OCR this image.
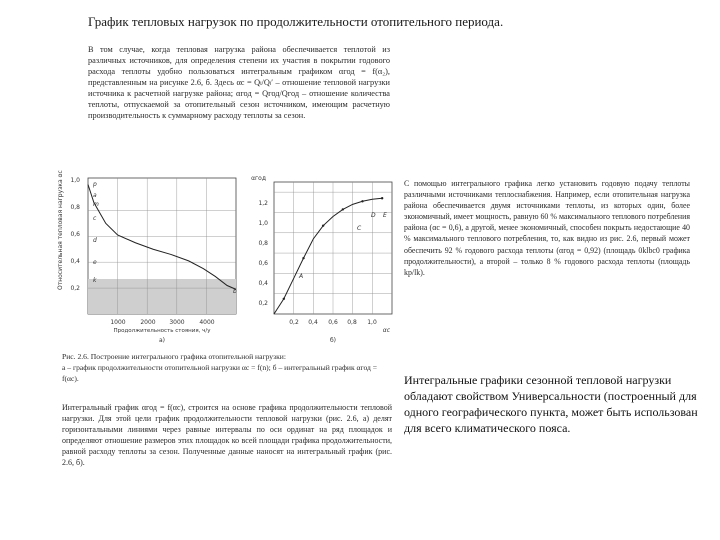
График тепловых нагрузок по продолжительности отопительного периода.

В том случае, когда тепловая нагрузка района обеспечивается теплотой из различных источников, для определения степени их участия в покрытии годового расхода теплоты удобно пользоваться интегральным графиком αгод = f(α₂), представленным на рисунке 2.6, б. Здесь αс = Qₗ/Qₗ′ – отношение тепловой нагрузки источника к расчетной нагрузке района; αгод = Qгод/Qгод – отношение количества теплоты, отпускаемой за отопительный сезон источником, имеющим расчетную производительность к суммарному расходу теплоты за сезон.

Относительная тепловая нагрузка αс 1,0
0,8
0,6
0,4
0,2
1000 2000 3000 4000
Продолжительность стояния, ч/у
а)
p
a
b
c
d
e
m
k
αгод
1,2
1,0
0,8
0,6
0,4
0,2
0,2 0,4 0,6 0,8 1,0
αс
б)
A
C
D E

Рис. 2.6. Построение интегрального графика отопительной нагрузки:

а – график продолжительности отопительной нагрузки αс = f(n); б – интегральный график αгод = f(αс).

С помощью интегрального графика легко установить годовую подачу теплоты различными источниками теплоснабжения. Например, если отопительная нагрузка района обеспечивается двумя источниками теплоты, из которых один, более экономичный, имеет мощность, равную 60 % максимального теплового потребления района (αс = 0,6), а другой, менее экономичный, способен покрыть недостающие 40 % максимального теплового потребления, то, как видно из рис. 2.6, первый может обеспечить 92 % годового расхода теплоты (αгод = 0,92) (площадь 0klbc0 графика продолжительности), а второй – только 8 % годового расхода теплоты (площадь kp/lk).

Интегральный график αгод = f(αс), строится на основе графика продолжительности тепловой нагрузки. Для этой цели график продолжительности тепловой нагрузки (рис. 2.6, а) делят горизонтальными линиями через равные интервалы по оси ординат на ряд площадок и определяют отношение размеров этих площадок ко всей площади графика продолжительности, равной расходу теплоты за сезон. Полученные данные наносят на интегральный график (рис. 2.6, б).

Интегральные графики сезонной тепловой нагрузки обладают свойством Универсальности (построенный для одного географического пункта, может быть использован для всего климатического пояса.
